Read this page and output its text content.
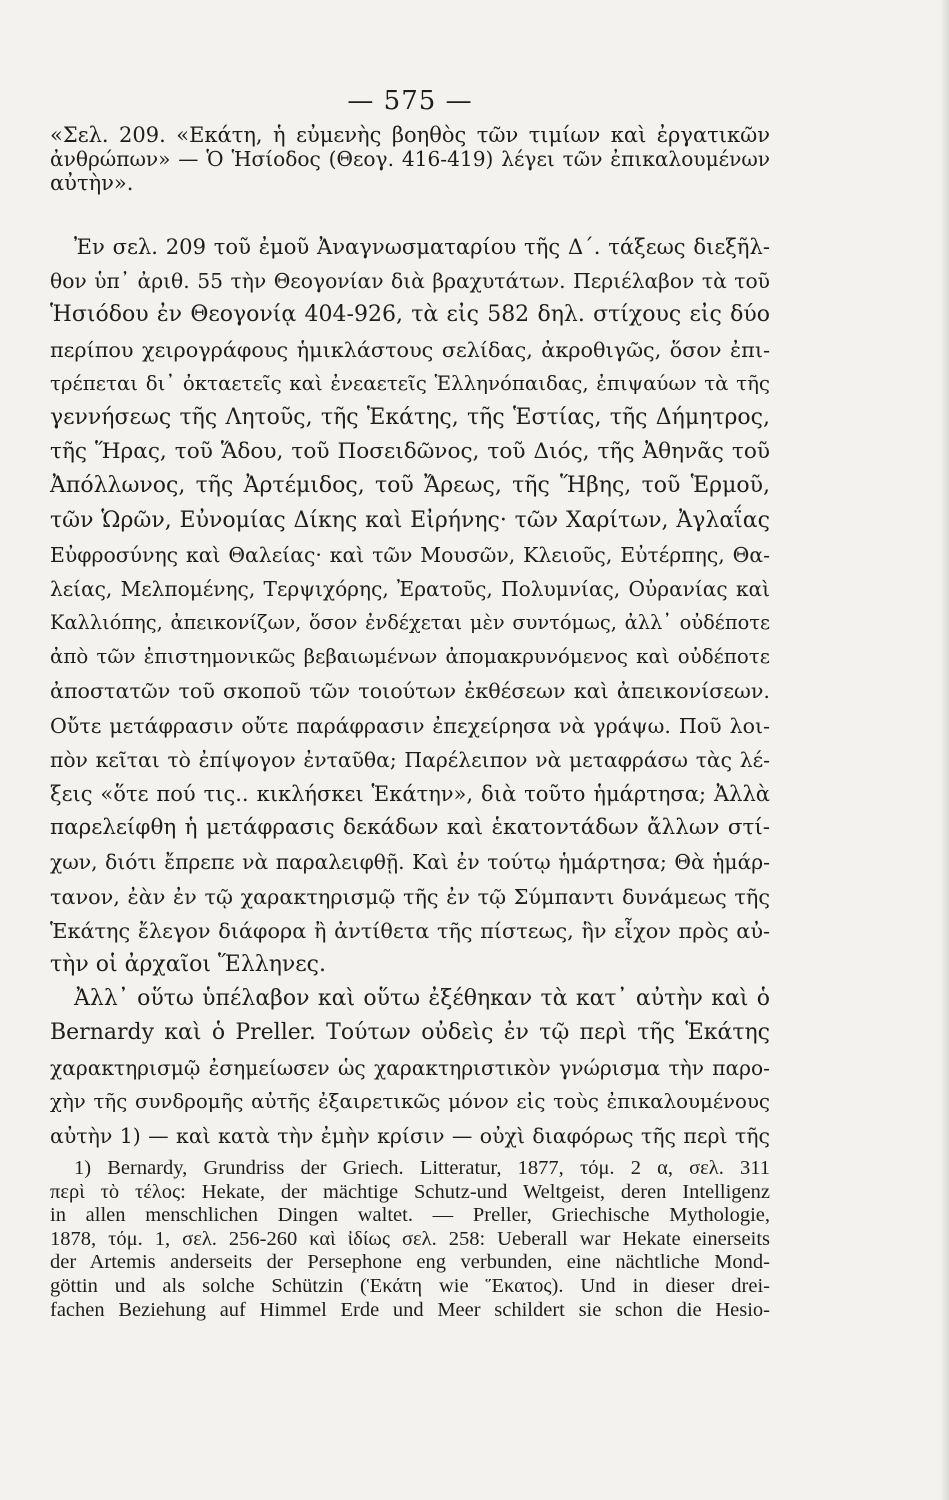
— 575 —
«Σελ. 209. «Εκάτη, ἡ εὐμενὴς βοηθὸς τῶν τιμίων καὶ ἐργατικῶν
ἀνθρώπων» — Ὁ Ἡσίοδος (Θεογ. 416-419) λέγει τῶν ἐπικαλουμένων
αὐτὴν».
Ἐν σελ. 209 τοῦ ἐμοῦ Ἀναγνωσματαρίου τῆς Δ΄. τάξεως διεξῆλ-
θον ὑπ᾽ ἀριθ. 55 τὴν Θεογονίαν διὰ βραχυτάτων. Περιέλαβον τὰ τοῦ
Ἡσιόδου ἐν Θεογονίᾳ 404-926, τὰ εἰς 582 δηλ. στίχους εἰς δύο
περίπου χειρογράφους ἡμικλάστους σελίδας, ἀκροθιγῶς, ὅσον ἐπι-
τρέπεται δι᾽ ὀκταετεῖς καὶ ἐνεαετεῖς Ἑλληνόπαιδας, ἐπιψαύων τὰ τῆς
γεννήσεως τῆς Λητοῦς, τῆς Ἑκάτης, τῆς Ἑστίας, τῆς Δήμητρος,
τῆς Ἥρας, τοῦ Ἅδου, τοῦ Ποσειδῶνος, τοῦ Διός, τῆς Ἀθηνᾶς τοῦ
Ἀπόλλωνος, τῆς Ἀρτέμιδος, τοῦ Ἄρεως, τῆς Ἥβης, τοῦ Ἑρμοῦ,
τῶν Ὡρῶν, Εὐνομίας Δίκης καὶ Εἰρήνης· τῶν Χαρίτων, Ἀγλαΐας
Εὐφροσύνης καὶ Θαλείας· καὶ τῶν Μουσῶν, Κλειοῦς, Εὐτέρπης, Θα-
λείας, Μελπομένης, Τερψιχόρης, Ἐρατοῦς, Πολυμνίας, Οὐρανίας καὶ
Καλλιόπης, ἀπεικονίζων, ὅσον ἐνδέχεται μὲν συντόμως, ἀλλ᾽ οὐδέποτε
ἀπὸ τῶν ἐπιστημονικῶς βεβαιωμένων ἀπομακρυνόμενος καὶ οὐδέποτε
ἀποστατῶν τοῦ σκοποῦ τῶν τοιούτων ἐκθέσεων καὶ ἀπεικονίσεων.
Οὔτε μετάφρασιν οὔτε παράφρασιν ἐπεχείρησα νὰ γράψω. Ποῦ λοι-
πὸν κεῖται τὸ ἐπίψογον ἐνταῦθα; Παρέλειπον νὰ μεταφράσω τὰς λέ-
ξεις «ὅτε πού τις.. κικλήσκει Ἑκάτην», διὰ τοῦτο ἡμάρτησα; Ἀλλὰ
παρελείφθη ἡ μετάφρασις δεκάδων καὶ ἑκατοντάδων ἄλλων στί-
χων, διότι ἔπρεπε νὰ παραλειφθῇ. Καὶ ἐν τούτῳ ἡμάρτησα; Θὰ ἡμάρ-
τανον, ἐὰν ἐν τῷ χαρακτηρισμῷ τῆς ἐν τῷ Σύμπαντι δυνάμεως τῆς
Ἑκάτης ἔλεγον διάφορα ἢ ἀντίθετα τῆς πίστεως, ἣν εἶχον πρὸς αὐ-
τὴν οἱ ἀρχαῖοι Ἕλληνες.
Ἀλλ᾽ οὕτω ὑπέλαβον καὶ οὕτω ἐξέθηκαν τὰ κατ᾽ αὐτὴν καὶ ὁ
Bernardy καὶ ὁ Preller. Τούτων οὐδεὶς ἐν τῷ περὶ τῆς Ἑκάτης
χαρακτηρισμῷ ἐσημείωσεν ὡς χαρακτηριστικὸν γνώρισμα τὴν παρο-
χὴν τῆς συνδρομῆς αὐτῆς ἐξαιρετικῶς μόνον εἰς τοὺς ἐπικαλουμένους
αὐτὴν 1) — καὶ κατὰ τὴν ἐμὴν κρίσιν — οὐχὶ διαφόρως τῆς περὶ τῆς
1) Bernardy, Grundriss der Griech. Litteratur, 1877, τόμ. 2 α, σελ. 311
περὶ τὸ τέλος: Hekate, der mächtige Schutz-und Weltgeist, deren Intelligenz
in allen menschlichen Dingen waltet. — Preller, Griechische Mythologie,
1878, τόμ. 1, σελ. 256-260 καὶ ἰδίως σελ. 258: Ueberall war Hekate einerseits
der Artemis anderseits der Persephone eng verbunden, eine nächtliche Mond-
göttin und als solche Schützin (Ἑκάτη wie Ἕκατος). Und in dieser drei-
fachen Beziehung auf Himmel Erde und Meer schildert sie schon die Hesio-
